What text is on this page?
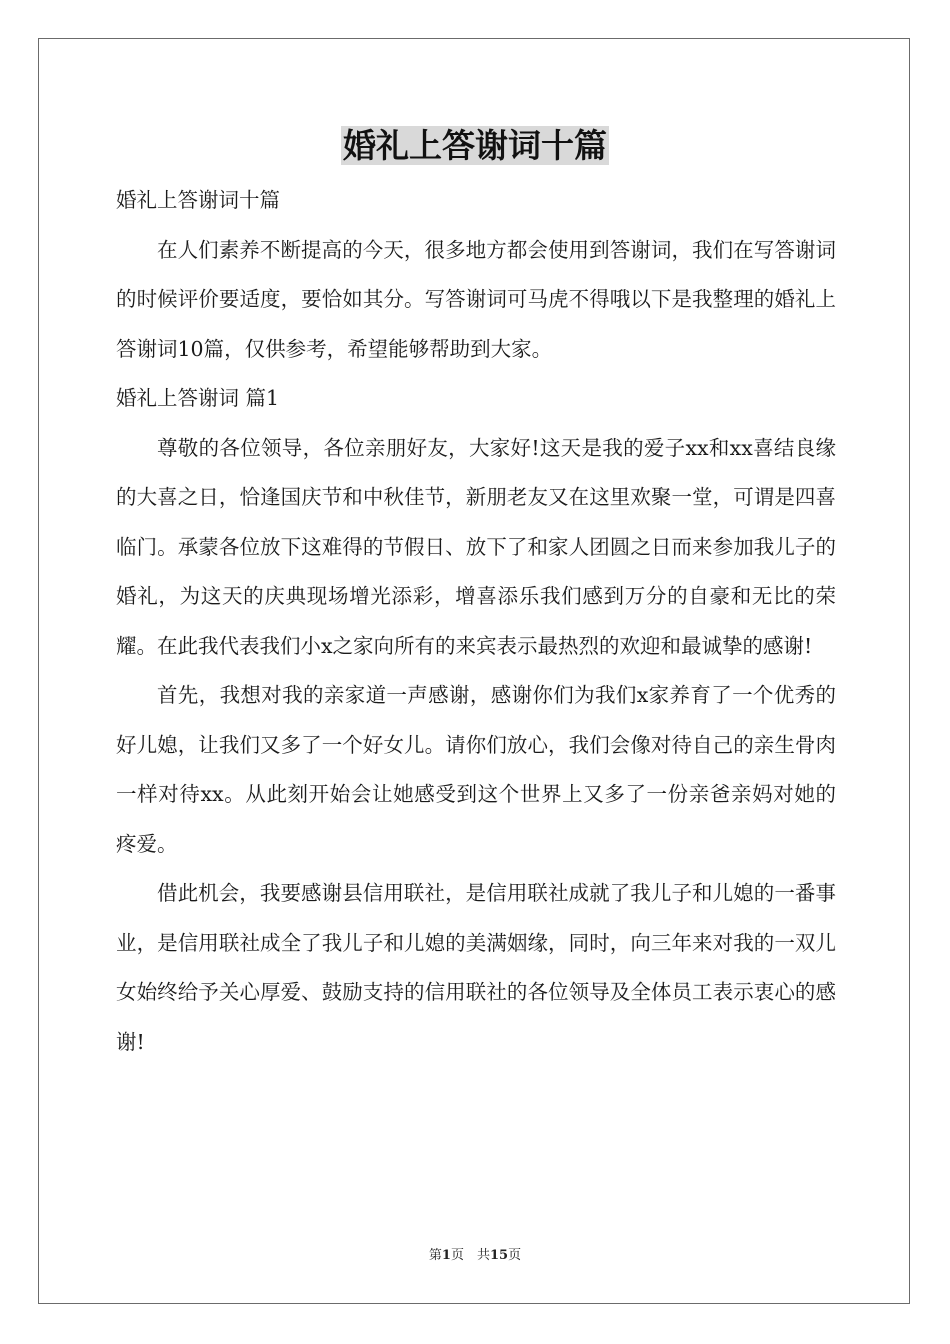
婚礼上答谢词十篇

婚礼上答谢词十篇

在人们素养不断提高的今天，很多地方都会使用到答谢词，我们在写答谢词的时候评价要适度，要恰如其分。写答谢词可马虎不得哦以下是我整理的婚礼上答谢词10篇，仅供参考，希望能够帮助到大家。

婚礼上答谢词 篇1

尊敬的各位领导，各位亲朋好友，大家好!这天是我的爱子xx和xx喜结良缘的大喜之日，恰逢国庆节和中秋佳节，新朋老友又在这里欢聚一堂，可谓是四喜临门。承蒙各位放下这难得的节假日、放下了和家人团圆之日而来参加我儿子的婚礼，为这天的庆典现场增光添彩，增喜添乐我们感到万分的自豪和无比的荣耀。在此我代表我们小x之家向所有的来宾表示最热烈的欢迎和最诚挚的感谢!

首先，我想对我的亲家道一声感谢，感谢你们为我们x家养育了一个优秀的好儿媳，让我们又多了一个好女儿。请你们放心，我们会像对待自己的亲生骨肉一样对待xx。从此刻开始会让她感受到这个世界上又多了一份亲爸亲妈对她的疼爱。

借此机会，我要感谢县信用联社，是信用联社成就了我儿子和儿媳的一番事业，是信用联社成全了我儿子和儿媳的美满姻缘，同时，向三年来对我的一双儿女始终给予关心厚爱、鼓励支持的信用联社的各位领导及全体员工表示衷心的感谢!

第1页　共15页
